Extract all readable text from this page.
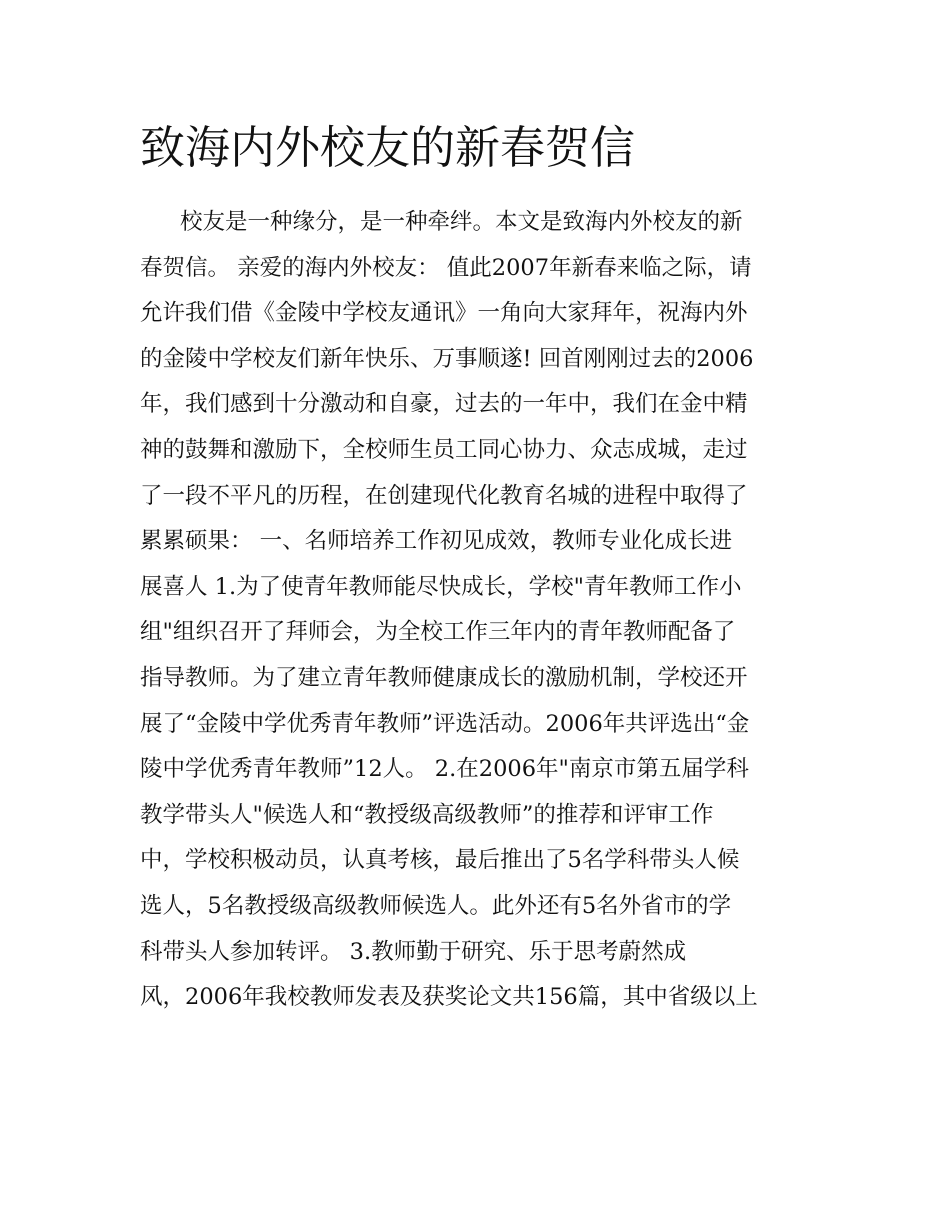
致海内外校友的新春贺信
校友是一种缘分，是一种牵绊。本文是致海内外校友的新
春贺信。 亲爱的海内外校友： 值此2007年新春来临之际，请
允许我们借《金陵中学校友通讯》一角向大家拜年，祝海内外
的金陵中学校友们新年快乐、万事顺遂! 回首刚刚过去的2006
年，我们感到十分激动和自豪，过去的一年中，我们在金中精
神的鼓舞和激励下，全校师生员工同心协力、众志成城，走过
了一段不平凡的历程，在创建现代化教育名城的进程中取得了
累累硕果： 一、名师培养工作初见成效，教师专业化成长进
展喜人 1.为了使青年教师能尽快成长，学校"青年教师工作小
组"组织召开了拜师会，为全校工作三年内的青年教师配备了
指导教师。为了建立青年教师健康成长的激励机制，学校还开
展了“金陵中学优秀青年教师”评选活动。2006年共评选出“金
陵中学优秀青年教师”12人。 2.在2006年"南京市第五届学科
教学带头人"候选人和“教授级高级教师”的推荐和评审工作
中，学校积极动员，认真考核，最后推出了5名学科带头人候
选人，5名教授级高级教师候选人。此外还有5名外省市的学
科带头人参加转评。 3.教师勤于研究、乐于思考蔚然成
风，2006年我校教师发表及获奖论文共156篇，其中省级以上
